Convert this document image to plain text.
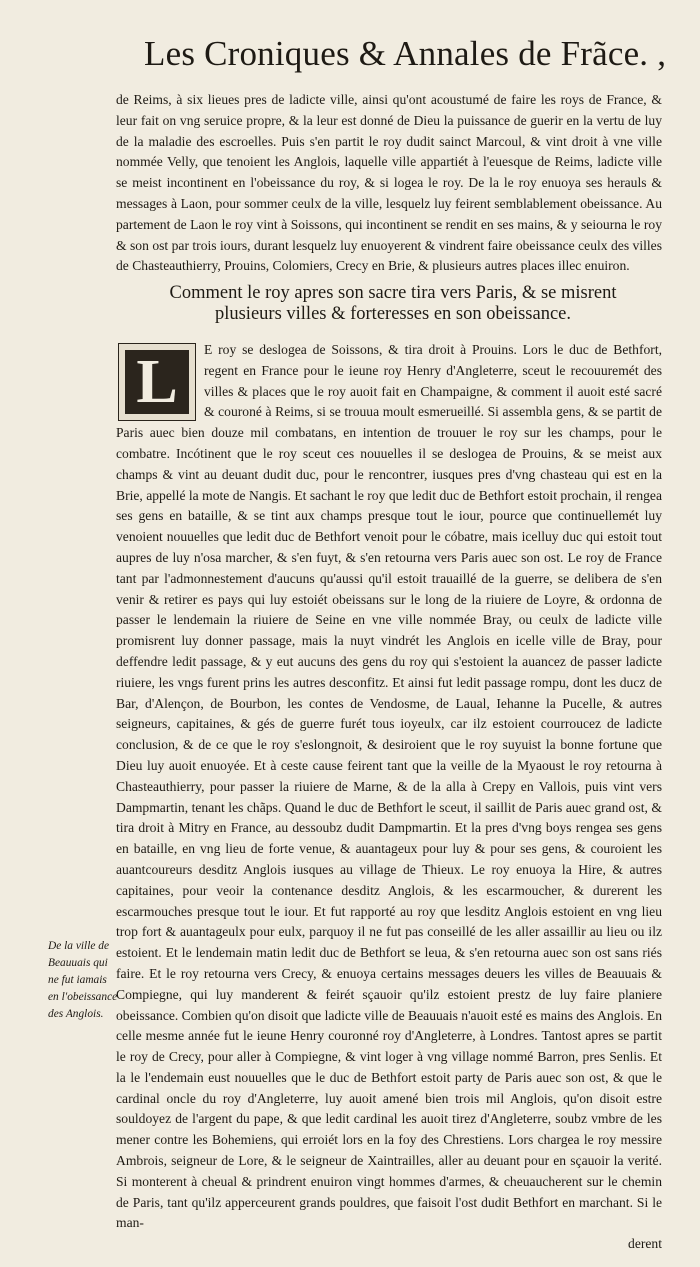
Les Croniques & Annales de Frãce. ,

de Reims, à six lieues pres de ladicte ville, ainsi qu'ont acoustumé de faire les roys de France, & leur fait on vng seruice propre, & la leur est donné de Dieu la puissance de guerir en la vertu de luy de la maladie des escroelles. Puis s'en partit le roy dudit sainct Marcoul, & vint droit à vne ville nommée Velly, que tenoient les Anglois, laquelle ville appartiét à l'euesque de Reims, ladicte ville se meist incontinent en l'obeissance du roy, & si logea le roy. De la le roy enuoya ses herauls & messages à Laon, pour sommer ceulx de la ville, lesquelz luy feirent semblablement obeissance. Au partement de Laon le roy vint à Soissons, qui incontinent se rendit en ses mains, & y seiourna le roy & son ost par trois iours, durant lesquelz luy enuoyerent & vindrent faire obeissance ceulx des villes de Chasteauthierry, Prouins, Colomiers, Crecy en Brie, & plusieurs autres places illec enuiron.

Comment le roy apres son sacre tira vers Paris, & se misrent plusieurs villes & forteresses en son obeissance.
L	E roy se deslogea de Soissons, & tira droit à Prouins. Lors le duc de Bethfort, regent en France pour le ieune roy Henry d'Angleterre, sceut le recouuremét des villes & places que le roy auoit fait en Champaigne, & comment il auoit esté sacré & couroné à Reims, si se trouua moult esmerueillé. Si assembla gens, & se partit de Paris auec bien douze mil combatans, en intention de trouuer le roy sur les champs, pour le combatre. Incótinent que le roy sceut ces nouuelles il se deslogea de Prouins, & se meist aux champs & vint au deuant dudit duc, pour le rencontrer, iusques pres d'vng chasteau qui est en la Brie, appellé la mote de Nangis. Et sachant le roy que ledit duc de Bethfort estoit prochain, il rengea ses gens en bataille, & se tint aux champs presque tout le iour, pource que continuellemét luy venoient nouuelles que ledit duc de Bethfort venoit pour le cóbatre, mais icelluy duc qui estoit tout aupres de luy n'osa marcher, & s'en fuyt, & s'en retourna vers Paris auec son ost. Le roy de France tant par l'admonnestement d'aucuns qu'aussi qu'il estoit trauaillé de la guerre, se delibera de s'en venir & retirer es pays qui luy estoiét obeissans sur le long de la riuiere de Loyre, & ordonna de passer le lendemain la riuiere de Seine en vne ville nommée Bray, ou ceulx de ladicte ville promisrent luy donner passage, mais la nuyt vindrét les Anglois en icelle ville de Bray, pour deffendre ledit passage, & y eut aucuns des gens du roy qui s'estoient la auancez de passer ladicte riuiere, les vngs furent prins les autres desconfitz. Et ainsi fut ledit passage rompu, dont les ducz de Bar, d'Alençon, de Bourbon, les contes de Vendosme, de Laual, Iehanne la Pucelle, & autres seigneurs, capitaines, & gés de guerre furét tous ioyeulx, car ilz estoient courroucez de ladicte conclusion, & de ce que le roy s'eslongnoit, & desiroient que le roy suyuist la bonne fortune que Dieu luy auoit enuoyée. Et à ceste cause feirent tant que la veille de la Myaoust le roy retourna à Chasteauthierry, pour passer la riuiere de Marne, & de la alla à Crepy en Vallois, puis vint vers Dampmartin, tenant les chãps. Quand le duc de Bethfort le sceut, il saillit de Paris auec grand ost, & tira droit à Mitry en France, au dessoubz dudit Dampmartin. Et la pres d'vng boys rengea ses gens en bataille, en vng lieu de forte venue, & auantageux pour luy & pour ses gens, & couroient les auantcoureurs desditz Anglois iusques au village de Thieux. Le roy enuoya la Hire, & autres capitaines, pour veoir la contenance desditz Anglois, & les escarmoucher, & durerent les escarmouches presque tout le iour. Et fut rapporté au roy que lesditz Anglois estoient en vng lieu trop fort & auantageulx pour eulx, parquoy il ne fut pas conseillé de les aller assaillir au lieu ou ilz estoient. Et le lendemain matin ledit duc de Bethfort se leua, & s'en retourna auec son ost sans riés faire. Et le roy retourna vers Crecy, & enuoya certains messages deuers les villes de Beauuais & Compiegne, qui luy manderent & feirét sçauoir qu'ilz estoient prestz de luy faire planiere obeissance. Combien qu'on disoit que ladicte ville de Beauuais n'auoit esté es mains des Anglois. En celle mesme année fut le ieune Henry couronné roy d'Angleterre, à Londres. Tantost apres se partit le roy de Crecy, pour aller à Compiegne, & vint loger à vng village nommé Barron, pres Senlis. Et la le l'endemain eust nouuelles que le duc de Bethfort estoit party de Paris auec son ost, & que le cardinal oncle du roy d'Angleterre, luy auoit amené bien trois mil Anglois, qu'on disoit estre souldoyez de l'argent du pape, & que ledit cardinal les auoit tirez d'Angleterre, soubz vmbre de les mener contre les Bohemiens, qui erroiét lors en la foy des Chrestiens. Lors chargea le roy messire Ambrois, seigneur de Lore, & le seigneur de Xaintrailles, aller au deuant pour en sçauoir la verité. Si monterent à cheual & prindrent enuiron vingt hommes d'armes, & cheuaucherent sur le chemin de Paris, tant qu'ilz apperceurent grands pouldres, que faisoit l'ost dudit Bethfort en marchant. Si le man-

derent

De la ville de
Beauuais qui
ne fut iamais
en l'obeissance
des Anglois.
